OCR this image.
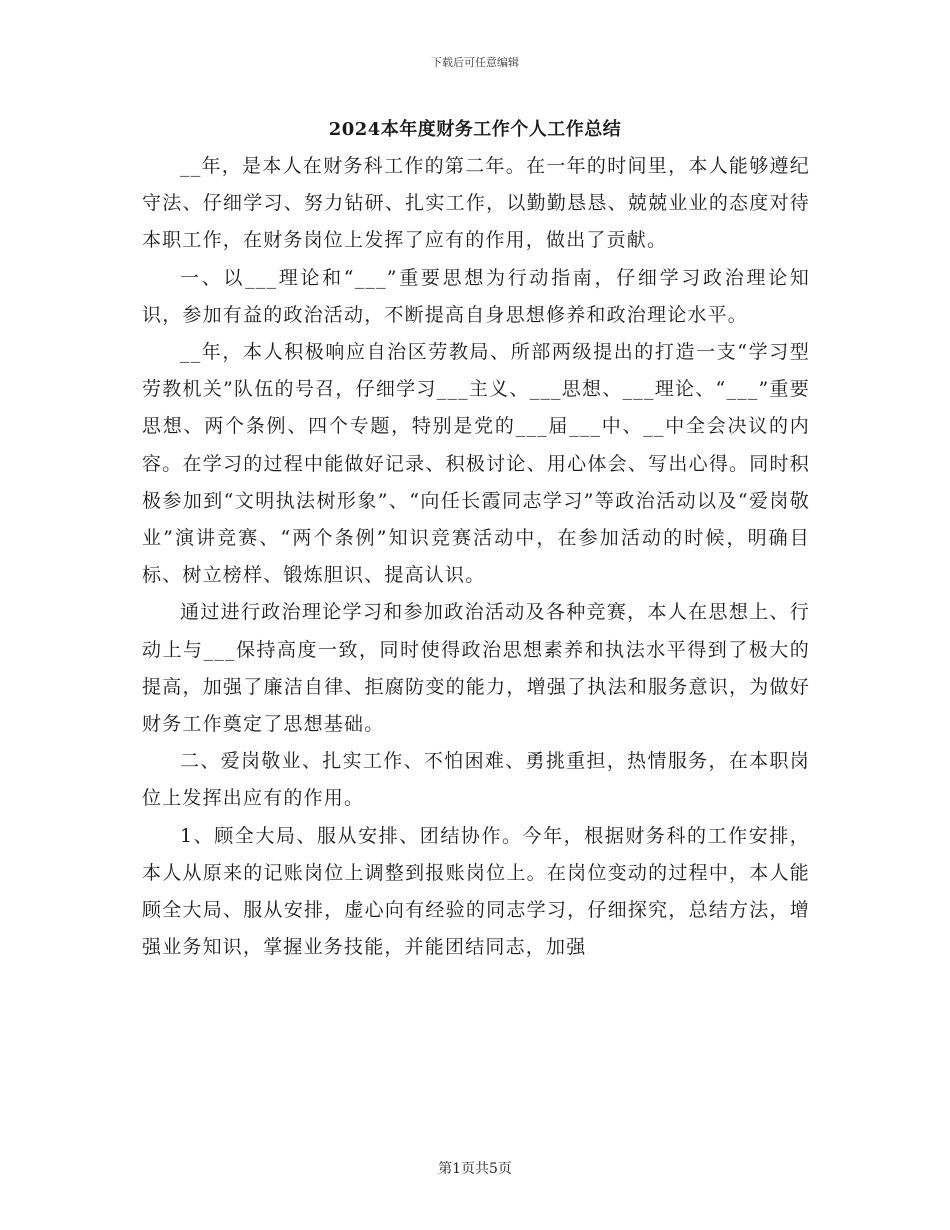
下载后可任意编辑
2024本年度财务工作个人工作总结

__年，是本人在财务科工作的第二年。在一年的时间里，本人能够遵纪守法、仔细学习、努力钻研、扎实工作，以勤勤恳恳、兢兢业业的态度对待本职工作，在财务岗位上发挥了应有的作用，做出了贡献。

一、以___理论和“___”重要思想为行动指南，仔细学习政治理论知识，参加有益的政治活动，不断提高自身思想修养和政治理论水平。

__年，本人积极响应自治区劳教局、所部两级提出的打造一支“学习型劳教机关”队伍的号召，仔细学习___主义、___思想、___理论、“___”重要思想、两个条例、四个专题，特别是党的___届___中、__中全会决议的内容。在学习的过程中能做好记录、积极讨论、用心体会、写出心得。同时积极参加到“文明执法树形象”、“向任长霞同志学习”等政治活动以及“爱岗敬业”演讲竞赛、“两个条例”知识竞赛活动中，在参加活动的时候，明确目标、树立榜样、锻炼胆识、提高认识。

通过进行政治理论学习和参加政治活动及各种竞赛，本人在思想上、行动上与___保持高度一致，同时使得政治思想素养和执法水平得到了极大的提高，加强了廉洁自律、拒腐防变的能力，增强了执法和服务意识，为做好财务工作奠定了思想基础。

二、爱岗敬业、扎实工作、不怕困难、勇挑重担，热情服务，在本职岗位上发挥出应有的作用。

1、顾全大局、服从安排、团结协作。今年，根据财务科的工作安排，本人从原来的记账岗位上调整到报账岗位上。在岗位变动的过程中，本人能顾全大局、服从安排，虚心向有经验的同志学习，仔细探究，总结方法，增强业务知识，掌握业务技能，并能团结同志，加强

第1页共5页
